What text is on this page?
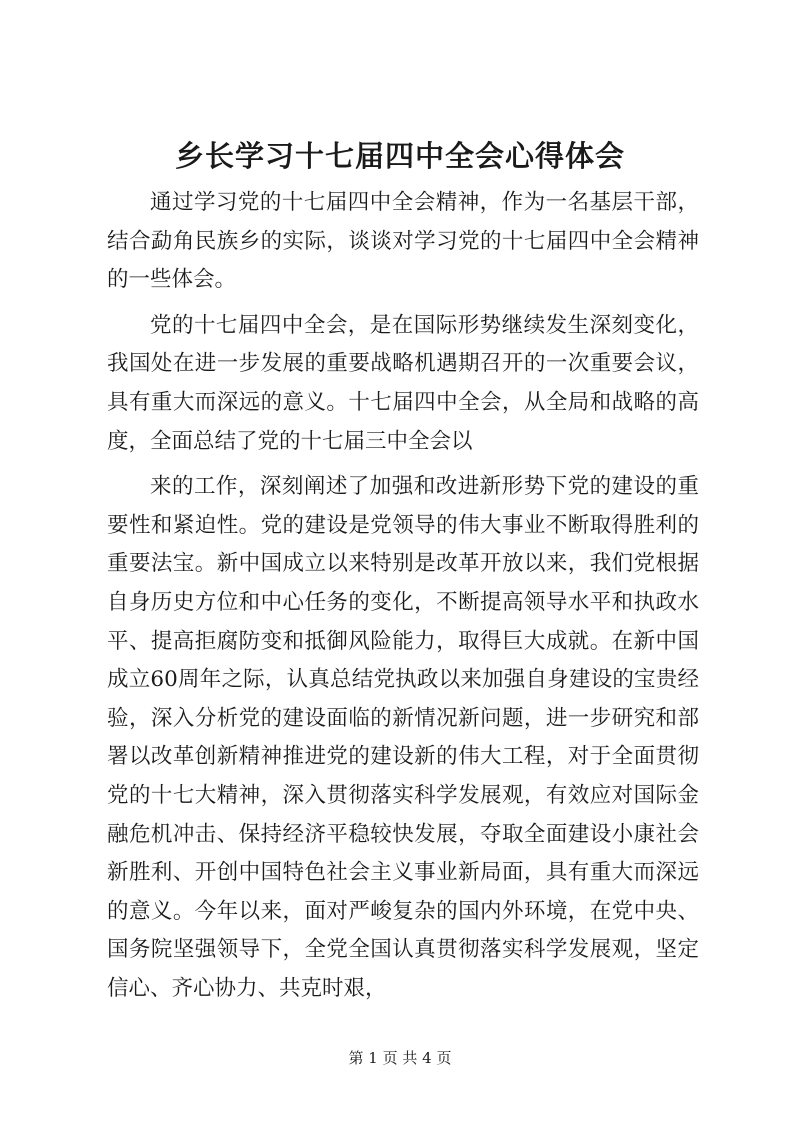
乡长学习十七届四中全会心得体会

通过学习党的十七届四中全会精神，作为一名基层干部，结合勐角民族乡的实际，谈谈对学习党的十七届四中全会精神的一些体会。

党的十七届四中全会，是在国际形势继续发生深刻变化，我国处在进一步发展的重要战略机遇期召开的一次重要会议，具有重大而深远的意义。十七届四中全会，从全局和战略的高度，全面总结了党的十七届三中全会以

来的工作，深刻阐述了加强和改进新形势下党的建设的重要性和紧迫性。党的建设是党领导的伟大事业不断取得胜利的重要法宝。新中国成立以来特别是改革开放以来，我们党根据自身历史方位和中心任务的变化，不断提高领导水平和执政水平、提高拒腐防变和抵御风险能力，取得巨大成就。在新中国成立60周年之际，认真总结党执政以来加强自身建设的宝贵经验，深入分析党的建设面临的新情况新问题，进一步研究和部署以改革创新精神推进党的建设新的伟大工程，对于全面贯彻党的十七大精神，深入贯彻落实科学发展观，有效应对国际金融危机冲击、保持经济平稳较快发展，夺取全面建设小康社会新胜利、开创中国特色社会主义事业新局面，具有重大而深远的意义。今年以来，面对严峻复杂的国内外环境，在党中央、国务院坚强领导下，全党全国认真贯彻落实科学发展观，坚定信心、齐心协力、共克时艰，

第 1 页 共 4 页
